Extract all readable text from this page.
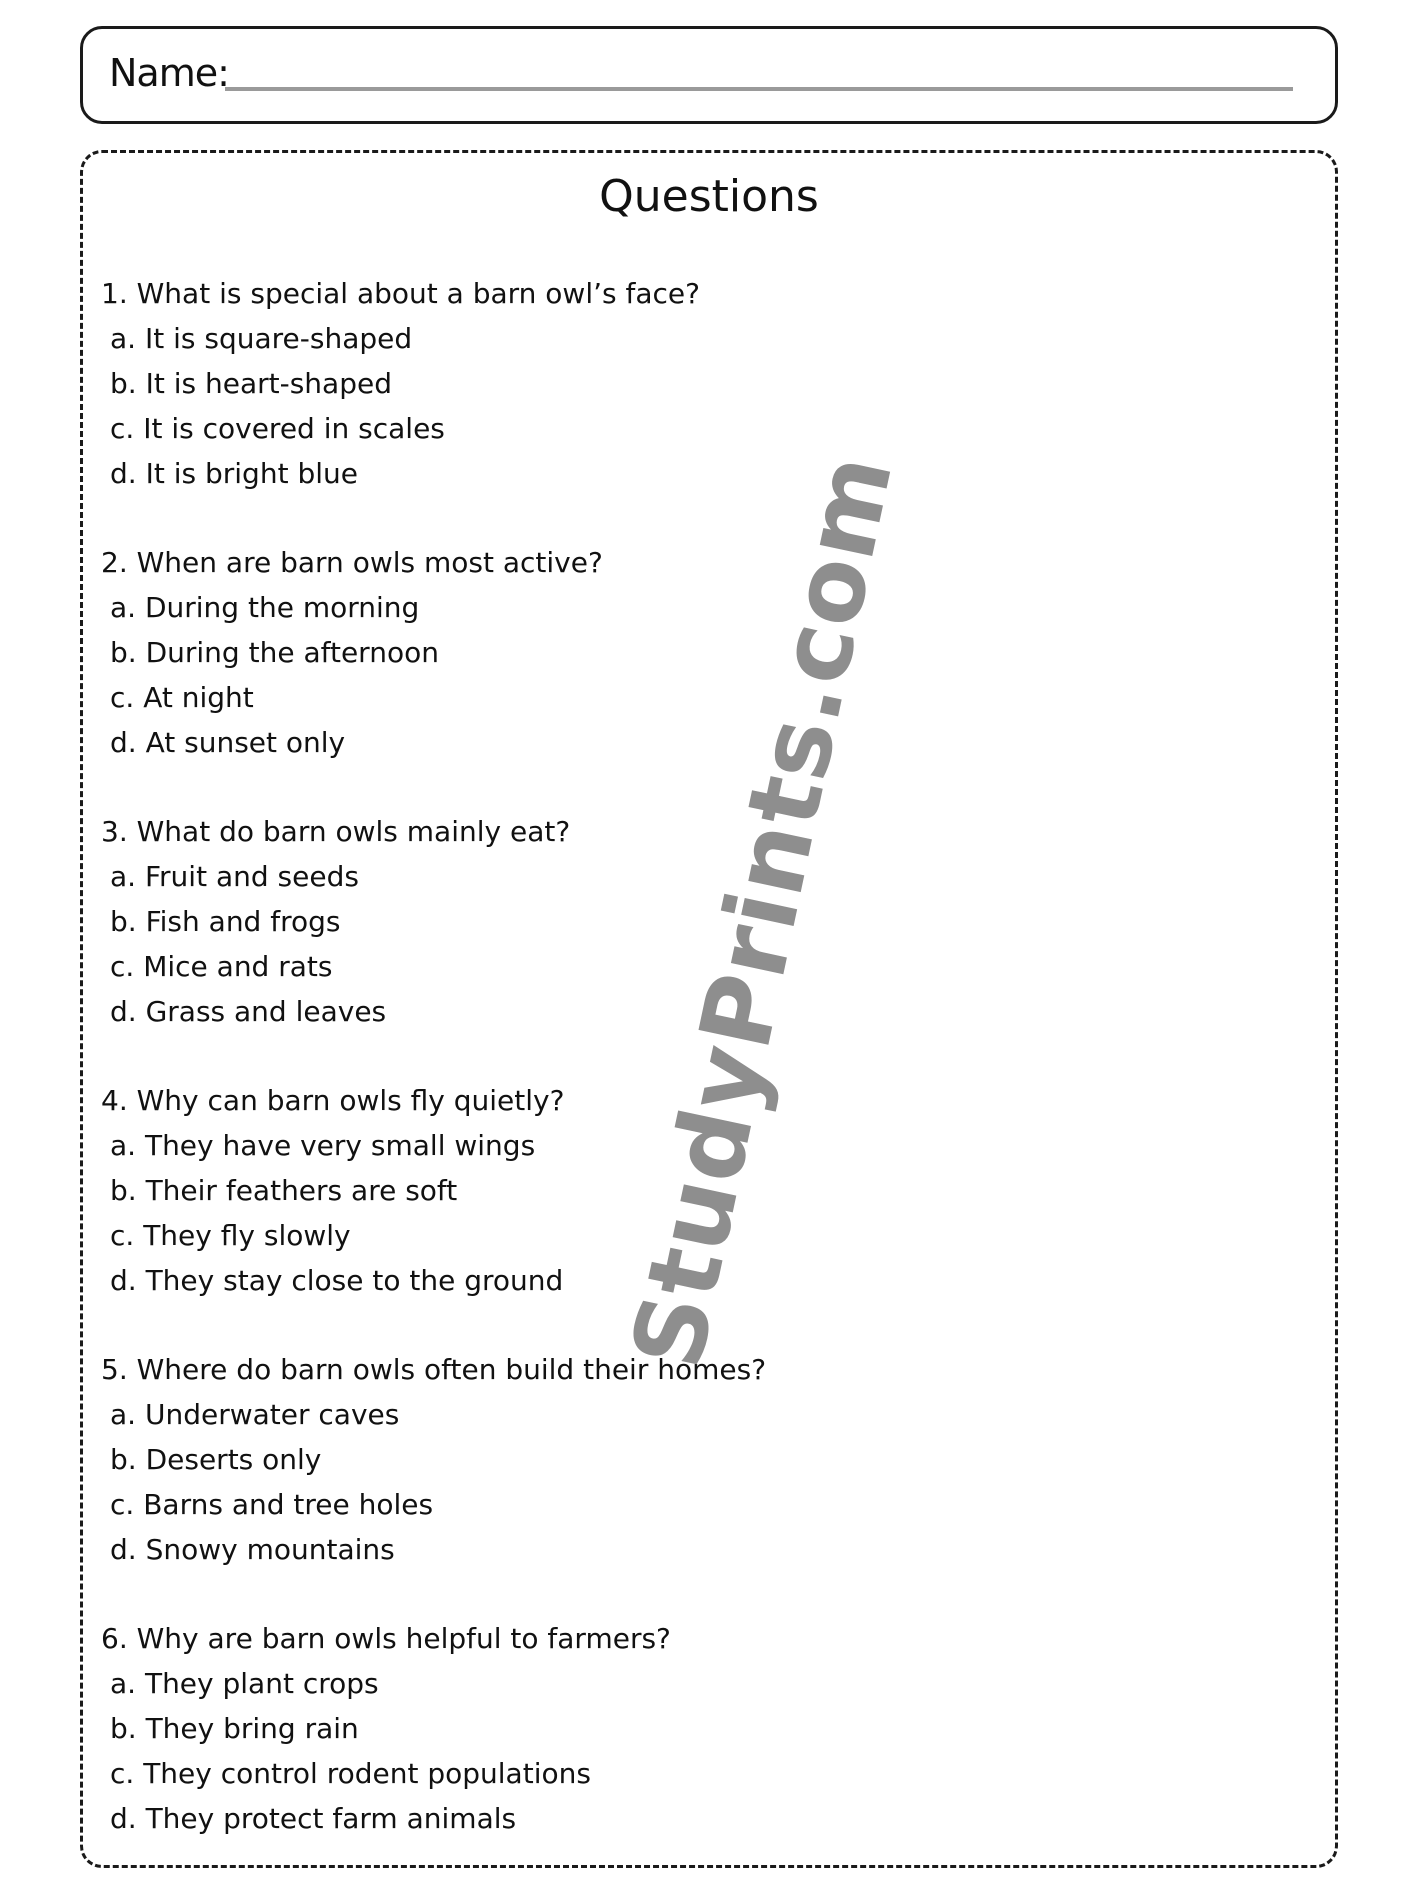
Name:
Questions
1. What is special about a barn owl’s face?
a. It is square-shaped
b. It is heart-shaped
c. It is covered in scales
d. It is bright blue
2. When are barn owls most active?
a. During the morning
b. During the afternoon
c. At night
d. At sunset only
3. What do barn owls mainly eat?
a. Fruit and seeds
b. Fish and frogs
c. Mice and rats
d. Grass and leaves
4. Why can barn owls fly quietly?
a. They have very small wings
b. Their feathers are soft
c. They fly slowly
d. They stay close to the ground
5. Where do barn owls often build their homes?
a. Underwater caves
b. Deserts only
c. Barns and tree holes
d. Snowy mountains
6. Why are barn owls helpful to farmers?
a. They plant crops
b. They bring rain
c. They control rodent populations
d. They protect farm animals
StudyPrints.com
